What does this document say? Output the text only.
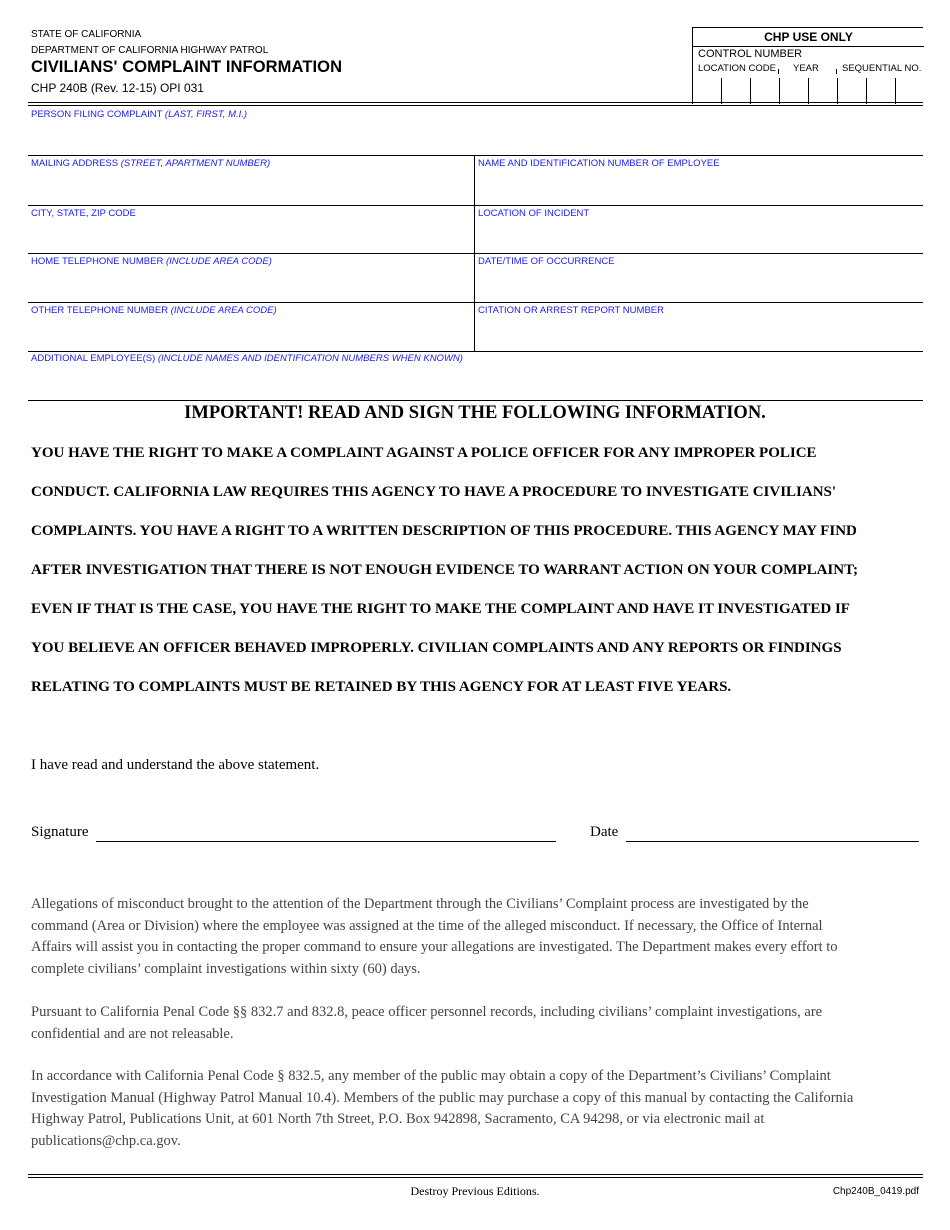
STATE OF CALIFORNIA
DEPARTMENT OF CALIFORNIA HIGHWAY PATROL
CIVILIANS' COMPLAINT INFORMATION
CHP 240B (Rev. 12-15) OPI 031
CHP USE ONLY
CONTROL NUMBER
LOCATION CODE YEAR SEQUENTIAL NO.
PERSON FILING COMPLAINT (LAST, FIRST, M.I.)
MAILING ADDRESS (STREET, APARTMENT NUMBER)
CITY, STATE, ZIP CODE
HOME TELEPHONE NUMBER (INCLUDE AREA CODE)
OTHER TELEPHONE NUMBER (INCLUDE AREA CODE)
NAME AND IDENTIFICATION NUMBER OF EMPLOYEE
LOCATION OF INCIDENT
DATE/TIME OF OCCURRENCE
CITATION OR ARREST REPORT NUMBER
ADDITIONAL EMPLOYEE(S) (INCLUDE NAMES AND IDENTIFICATION NUMBERS WHEN KNOWN)
IMPORTANT! READ AND SIGN THE FOLLOWING INFORMATION.
YOU HAVE THE RIGHT TO MAKE A COMPLAINT AGAINST A POLICE OFFICER FOR ANY IMPROPER POLICE
CONDUCT. CALIFORNIA LAW REQUIRES THIS AGENCY TO HAVE A PROCEDURE TO INVESTIGATE CIVILIANS'
COMPLAINTS. YOU HAVE A RIGHT TO A WRITTEN DESCRIPTION OF THIS PROCEDURE. THIS AGENCY MAY FIND
AFTER INVESTIGATION THAT THERE IS NOT ENOUGH EVIDENCE TO WARRANT ACTION ON YOUR COMPLAINT;
EVEN IF THAT IS THE CASE, YOU HAVE THE RIGHT TO MAKE THE COMPLAINT AND HAVE IT INVESTIGATED IF
YOU BELIEVE AN OFFICER BEHAVED IMPROPERLY. CIVILIAN COMPLAINTS AND ANY REPORTS OR FINDINGS
RELATING TO COMPLAINTS MUST BE RETAINED BY THIS AGENCY FOR AT LEAST FIVE YEARS.
I have read and understand the above statement.
Signature	Date
Allegations of misconduct brought to the attention of the Department through the Civilians’ Complaint process are investigated by the
command (Area or Division) where the employee was assigned at the time of the alleged misconduct. If necessary, the Office of Internal
Affairs will assist you in contacting the proper command to ensure your allegations are investigated. The Department makes every effort to
complete civilians’ complaint investigations within sixty (60) days.
Pursuant to California Penal Code §§ 832.7 and 832.8, peace officer personnel records, including civilians’ complaint investigations, are
confidential and are not releasable.
In accordance with California Penal Code § 832.5, any member of the public may obtain a copy of the Department’s Civilians’ Complaint
Investigation Manual (Highway Patrol Manual 10.4). Members of the public may purchase a copy of this manual by contacting the California
Highway Patrol, Publications Unit, at 601 North 7th Street, P.O. Box 942898, Sacramento, CA 94298, or via electronic mail at
publications@chp.ca.gov.
Destroy Previous Editions.	Chp240B_0419.pdf
